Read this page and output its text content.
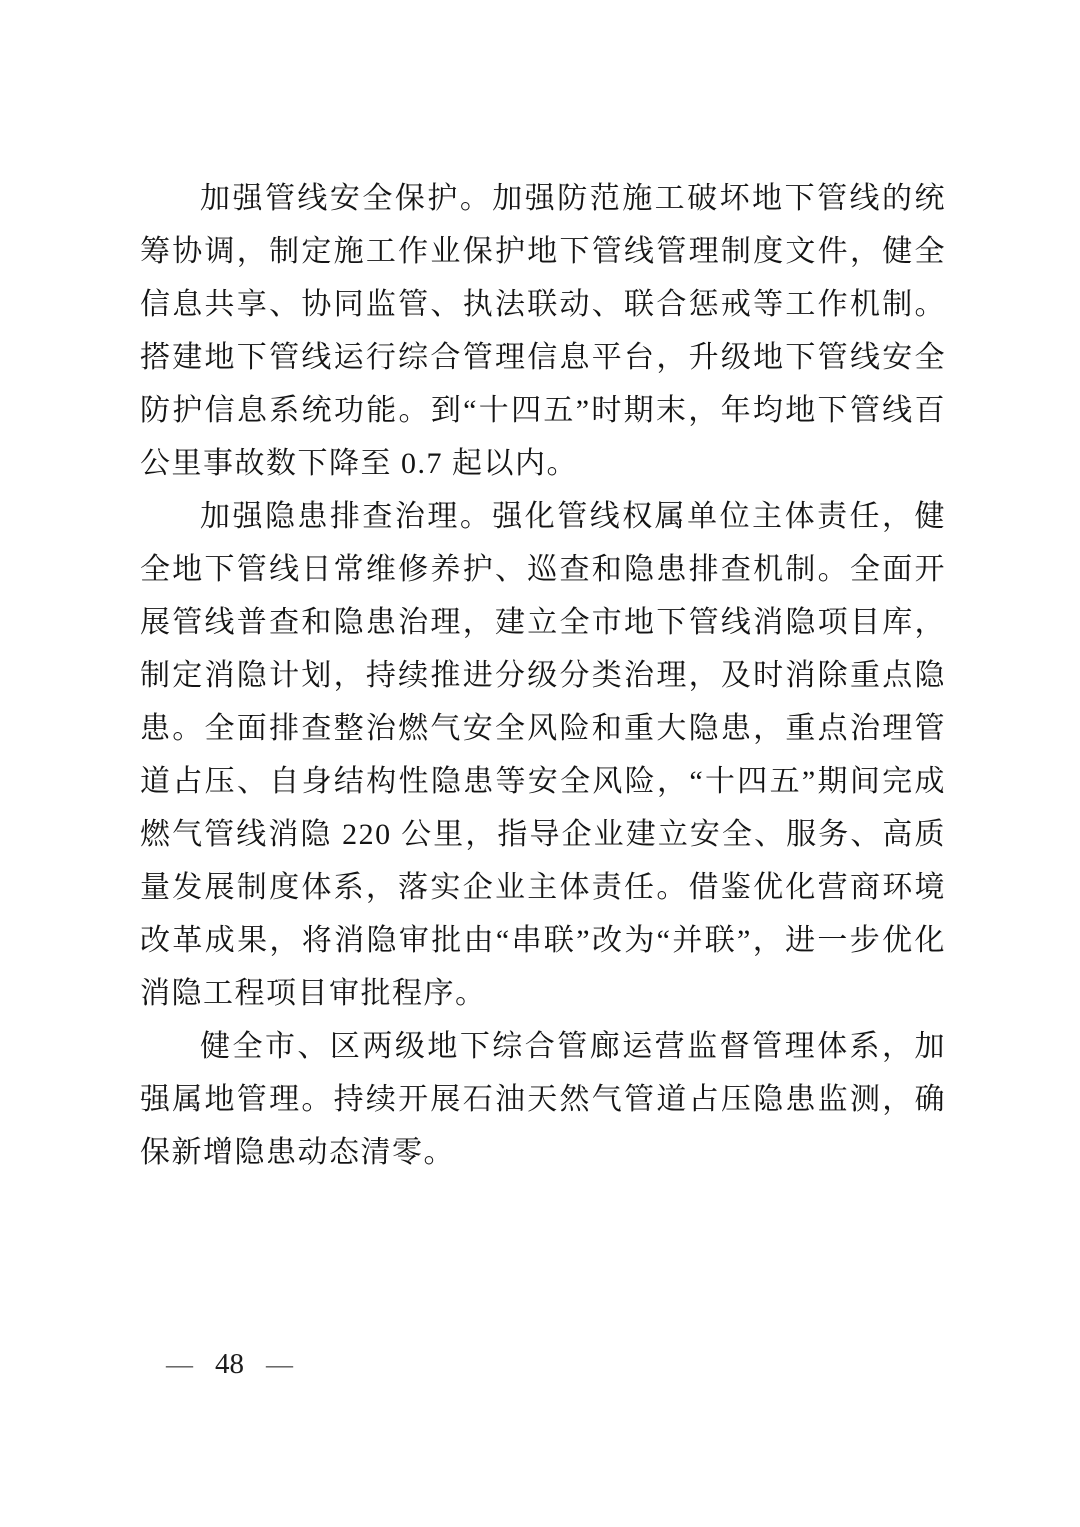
加强管线安全保护。加强防范施工破坏地下管线的统筹协调，制定施工作业保护地下管线管理制度文件，健全信息共享、协同监管、执法联动、联合惩戒等工作机制。搭建地下管线运行综合管理信息平台，升级地下管线安全防护信息系统功能。到“十四五”时期末，年均地下管线百公里事故数下降至 0.7 起以内。

加强隐患排查治理。强化管线权属单位主体责任，健全地下管线日常维修养护、巡查和隐患排查机制。全面开展管线普查和隐患治理，建立全市地下管线消隐项目库，制定消隐计划，持续推进分级分类治理，及时消除重点隐患。全面排查整治燃气安全风险和重大隐患，重点治理管道占压、自身结构性隐患等安全风险，“十四五”期间完成燃气管线消隐 220 公里，指导企业建立安全、服务、高质量发展制度体系，落实企业主体责任。借鉴优化营商环境改革成果，将消隐审批由“串联”改为“并联”，进一步优化消隐工程项目审批程序。

健全市、区两级地下综合管廊运营监督管理体系，加强属地管理。持续开展石油天然气管道占压隐患监测，确保新增隐患动态清零。

— 48 —
